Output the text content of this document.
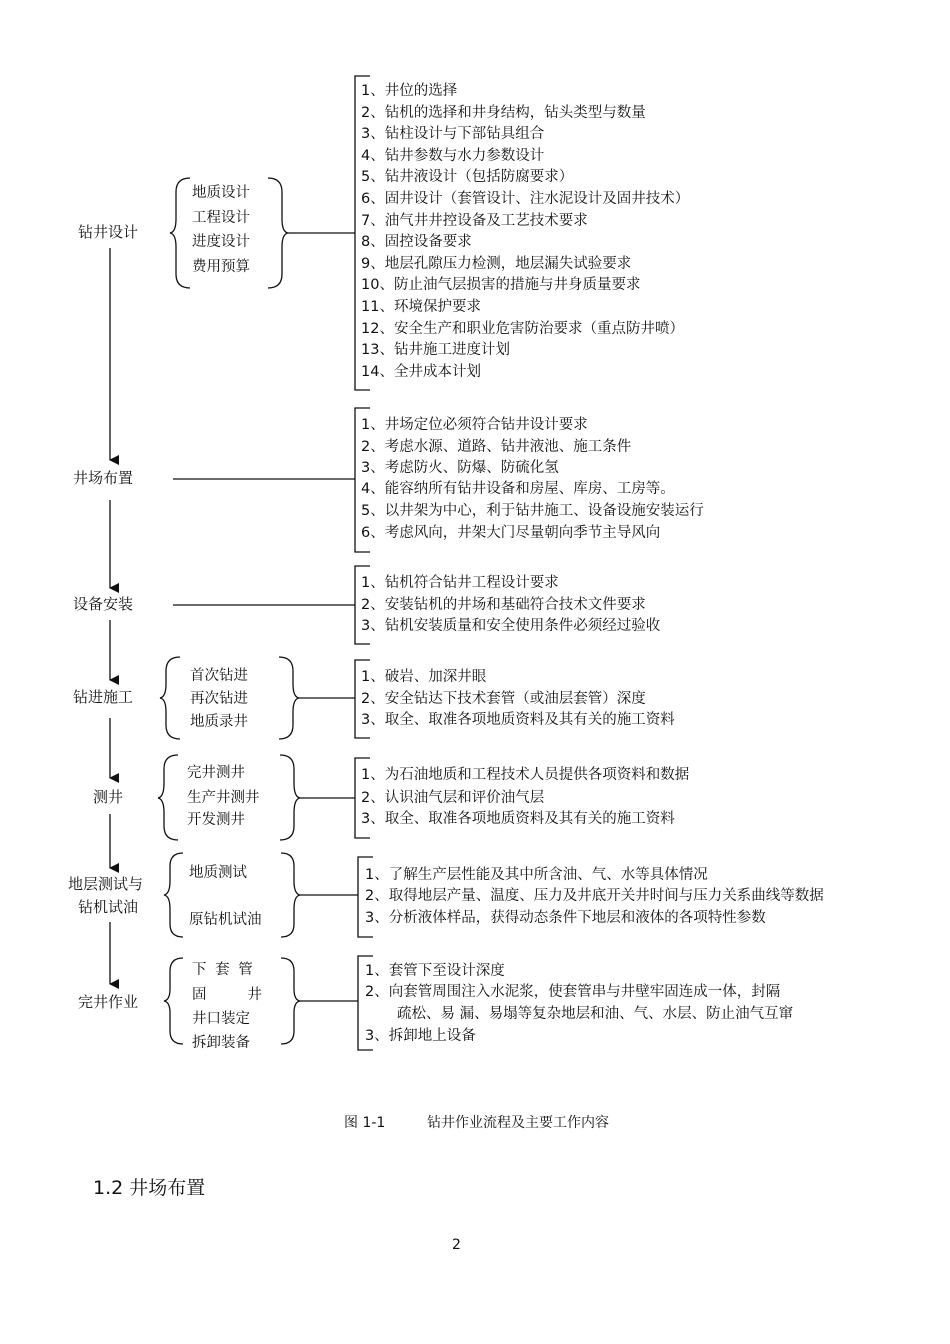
钻井设计
地质设计
工程设计
进度设计
费用预算
1、井位的选择
2、钻机的选择和井身结构，钻头类型与数量
3、钻柱设计与下部钻具组合
4、钻井参数与水力参数设计
5、钻井液设计（包括防腐要求）
6、固井设计（套管设计、注水泥设计及固井技术）
7、油气井井控设备及工艺技术要求
8、固控设备要求
9、地层孔隙压力检测，地层漏失试验要求
10、防止油气层损害的措施与井身质量要求
11、环境保护要求
12、安全生产和职业危害防治要求（重点防井喷）
13、钻井施工进度计划
14、全井成本计划
井场布置
1、井场定位必须符合钻井设计要求
2、考虑水源、道路、钻井液池、施工条件
3、考虑防火、防爆、防硫化氢
4、能容纳所有钻井设备和房屋、库房、工房等。
5、以井架为中心，利于钻井施工、设备设施安装运行
6、考虑风向，井架大门尽量朝向季节主导风向
设备安装
1、钻机符合钻井工程设计要求
2、安装钻机的井场和基础符合技术文件要求
3、钻机安装质量和安全使用条件必须经过验收
钻进施工
首次钻进
再次钻进
地质录井
1、破岩、加深井眼
2、安全钻达下技术套管（或油层套管）深度
3、取全、取准各项地质资料及其有关的施工资料
测井
完井测井
生产井测井
开发测井
1、为石油地质和工程技术人员提供各项资料和数据
2、认识油气层和评价油气层
3、取全、取准各项地质资料及其有关的施工资料
地层测试与
钻机试油
地质测试
原钻机试油
1、了解生产层性能及其中所含油、气、水等具体情况
2、取得地层产量、温度、压力及井底开关井时间与压力关系曲线等数据
3、分析液体样品，获得动态条件下地层和液体的各项特性参数
完井作业
下 套 管
固 井
井口装定
拆卸装备
1、套管下至设计深度
2、向套管周围注入水泥浆，使套管串与井壁牢固连成一体，封隔
疏松、易 漏、易塌等复杂地层和油、气、水层、防止油气互窜
3、拆卸地上设备
图 1-1	钻井作业流程及主要工作内容
1.2 井场布置
2
